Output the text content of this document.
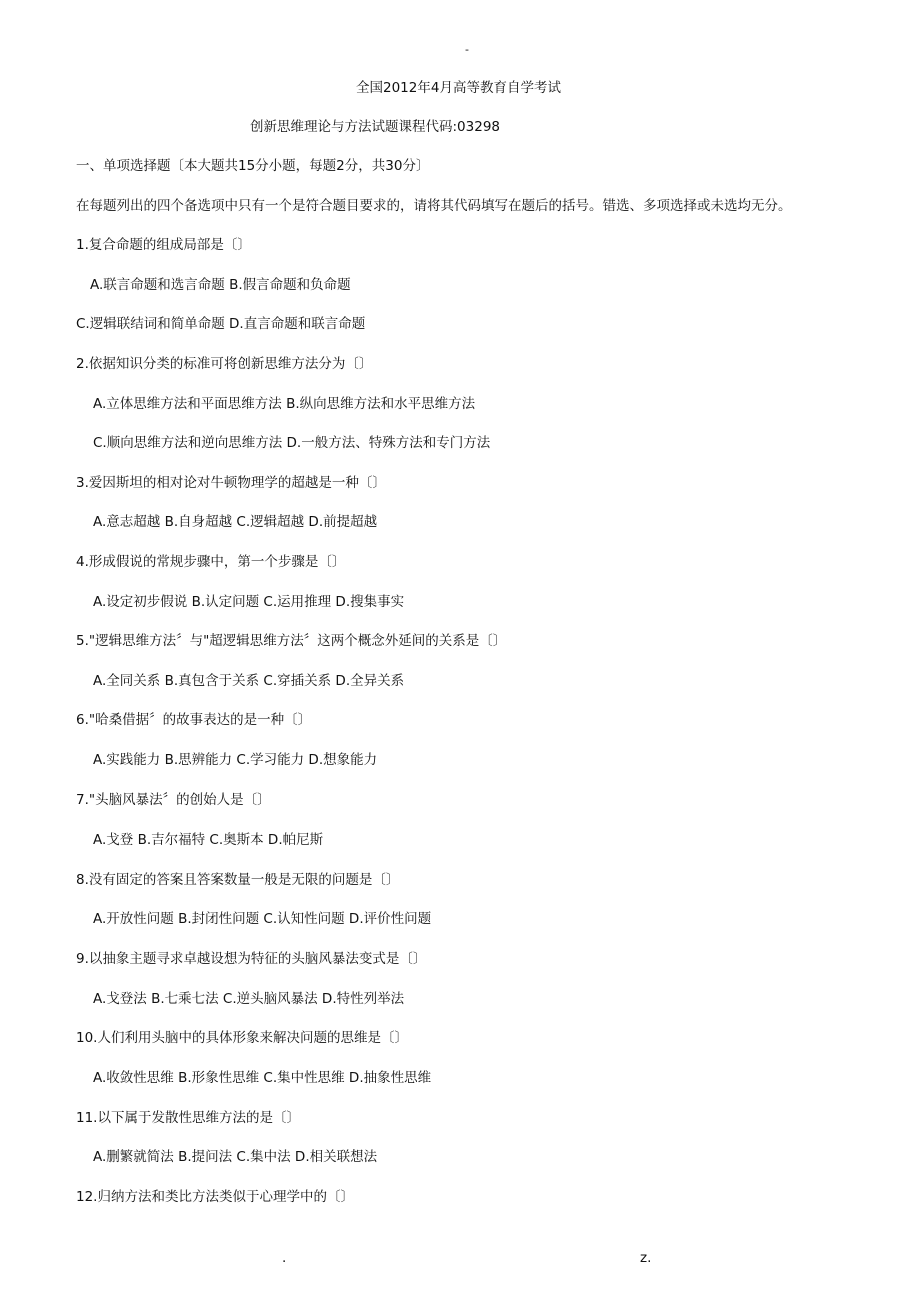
-
全国2012年4月高等教育自学考试
创新思维理论与方法试题课程代码:03298
一、单项选择题〔本大题共15分小题，每题2分，共30分〕
在每题列出的四个备选项中只有一个是符合题目要求的，请将其代码填写在题后的括号。错选、多项选择或未选均无分。
1.复合命题的组成局部是〔〕
A.联言命题和选言命题 B.假言命题和负命题
C.逻辑联结词和简单命题 D.直言命题和联言命题
2.依据知识分类的标准可将创新思维方法分为〔〕
A.立体思维方法和平面思维方法 B.纵向思维方法和水平思维方法
C.顺向思维方法和逆向思维方法 D.一般方法、特殊方法和专门方法
3.爱因斯坦的相对论对牛顿物理学的超越是一种〔〕
A.意志超越 B.自身超越 C.逻辑超越 D.前提超越
4.形成假说的常规步骤中，第一个步骤是〔〕
A.设定初步假说 B.认定问题 C.运用推理 D.搜集事实
5."逻辑思维方法〞与"超逻辑思维方法〞这两个概念外延间的关系是〔〕
A.全同关系 B.真包含于关系 C.穿插关系 D.全异关系
6."哈桑借据〞的故事表达的是一种〔〕
A.实践能力 B.思辨能力 C.学习能力 D.想象能力
7."头脑风暴法〞的创始人是〔〕
A.戈登 B.吉尔福特 C.奥斯本 D.帕尼斯
8.没有固定的答案且答案数量一般是无限的问题是〔〕
A.开放性问题 B.封闭性问题 C.认知性问题 D.评价性问题
9.以抽象主题寻求卓越设想为特征的头脑风暴法变式是〔〕
A.戈登法 B.七乘七法 C.逆头脑风暴法 D.特性列举法
10.人们利用头脑中的具体形象来解决问题的思维是〔〕
A.收敛性思维 B.形象性思维 C.集中性思维 D.抽象性思维
11.以下属于发散性思维方法的是〔〕
A.删繁就简法 B.提问法 C.集中法 D.相关联想法
12.归纳方法和类比方法类似于心理学中的〔〕
.	z.
